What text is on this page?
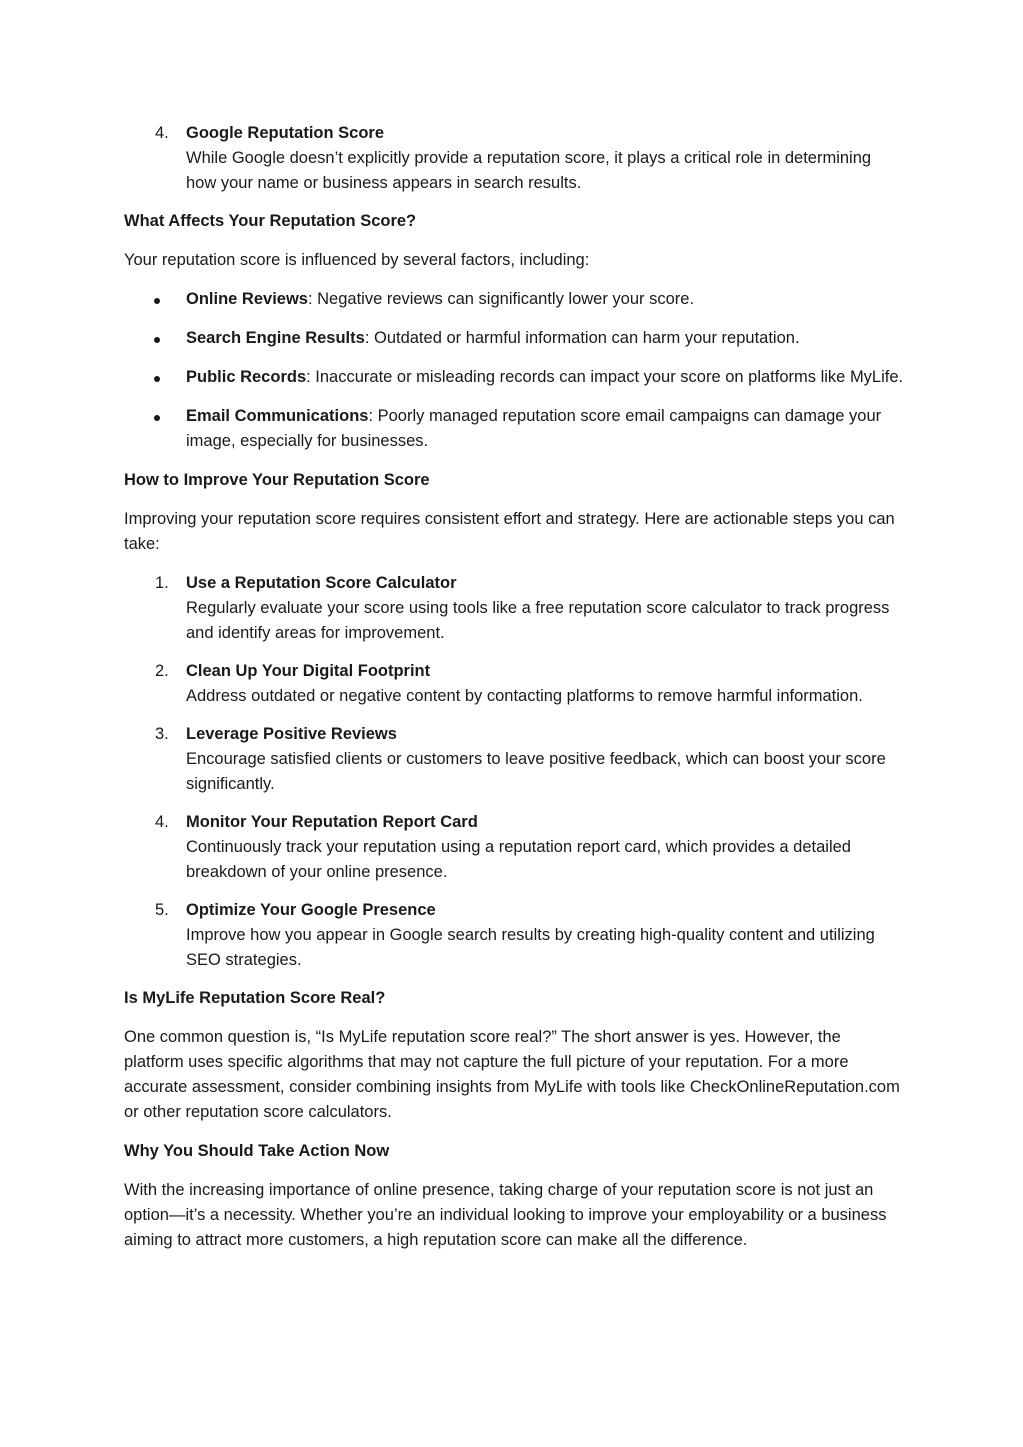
4. Google Reputation Score
While Google doesn’t explicitly provide a reputation score, it plays a critical role in determining how your name or business appears in search results.
What Affects Your Reputation Score?
Your reputation score is influenced by several factors, including:
Online Reviews: Negative reviews can significantly lower your score.
Search Engine Results: Outdated or harmful information can harm your reputation.
Public Records: Inaccurate or misleading records can impact your score on platforms like MyLife.
Email Communications: Poorly managed reputation score email campaigns can damage your image, especially for businesses.
How to Improve Your Reputation Score
Improving your reputation score requires consistent effort and strategy. Here are actionable steps you can take:
1. Use a Reputation Score Calculator
Regularly evaluate your score using tools like a free reputation score calculator to track progress and identify areas for improvement.
2. Clean Up Your Digital Footprint
Address outdated or negative content by contacting platforms to remove harmful information.
3. Leverage Positive Reviews
Encourage satisfied clients or customers to leave positive feedback, which can boost your score significantly.
4. Monitor Your Reputation Report Card
Continuously track your reputation using a reputation report card, which provides a detailed breakdown of your online presence.
5. Optimize Your Google Presence
Improve how you appear in Google search results by creating high-quality content and utilizing SEO strategies.
Is MyLife Reputation Score Real?
One common question is, “Is MyLife reputation score real?” The short answer is yes. However, the platform uses specific algorithms that may not capture the full picture of your reputation. For a more accurate assessment, consider combining insights from MyLife with tools like CheckOnlineReputation.com or other reputation score calculators.
Why You Should Take Action Now
With the increasing importance of online presence, taking charge of your reputation score is not just an option—it’s a necessity. Whether you’re an individual looking to improve your employability or a business aiming to attract more customers, a high reputation score can make all the difference.
